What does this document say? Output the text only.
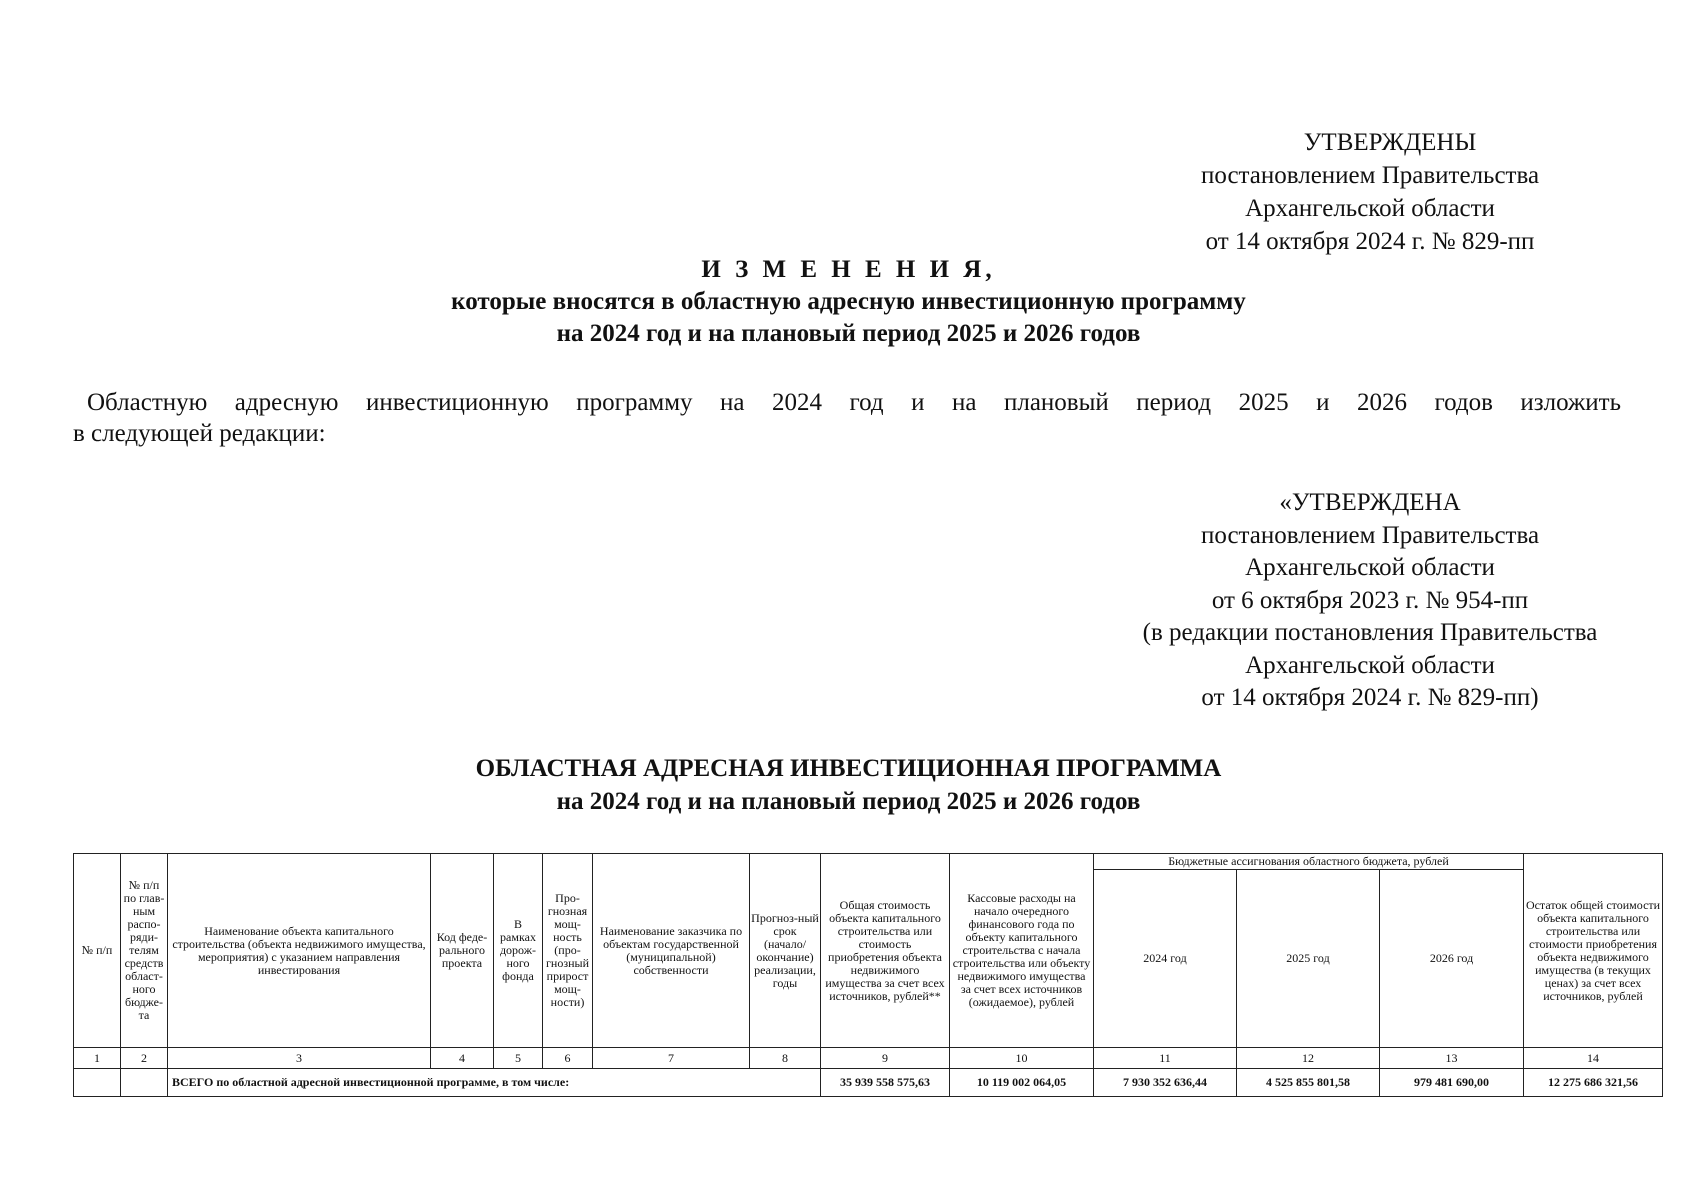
УТВЕРЖДЕНЫ
постановлением Правительства
Архангельской области
от 14 октября 2024 г. № 829-пп
И З М Е Н Е Н И Я,
которые вносятся в областную адресную инвестиционную программу
на 2024 год и на плановый период 2025 и 2026 годов
Областную адресную инвестиционную программу на 2024 год и на плановый период 2025 и 2026 годов изложить
в следующей редакции:
«УТВЕРЖДЕНА
постановлением Правительства
Архангельской области
от 6 октября 2023 г. № 954-пп
(в редакции постановления Правительства
Архангельской области
от 14 октября 2024 г. № 829-пп)
ОБЛАСТНАЯ АДРЕСНАЯ ИНВЕСТИЦИОННАЯ ПРОГРАММА
на 2024 год и на плановый период 2025 и 2026 годов
№ п/п	№ п/п по глав-ным распо-ряди-телям средств област-ного бюдже-та	Наименование объекта капитального строительства (объекта недвижимого имущества, мероприятия) с указанием направления инвестирования	Код феде-рального проекта	В рамках дорож-ного фонда	Про-гнозная мощ-ность (про-гнозный прирост мощ-ности)	Наименование заказчика по объектам государственной (муниципальной) собственности	Прогноз-ный срок (начало/ окончание) реализации, годы	Общая стоимость объекта капитального строительства или стоимость приобретения объекта недвижимого имущества за счет всех источников, рублей**	Кассовые расходы на начало очередного финансового года по объекту капитального строительства с начала строительства или объекту недвижимого имущества за счет всех источников (ожидаемое), рублей	Бюджетные ассигнования областного бюджета, рублей			Остаток общей стоимости объекта капитального строительства или стоимости приобретения объекта недвижимого имущества (в текущих ценах) за счет всех источников, рублей
										2024 год	2025 год	2026 год	
1	2	3	4	5	6	7	8	9	10	11	12	13	14
		ВСЕГО по областной адресной инвестиционной программе, в том числе:						35 939 558 575,63	10 119 002 064,05	7 930 352 636,44	4 525 855 801,58	979 481 690,00	12 275 686 321,56
